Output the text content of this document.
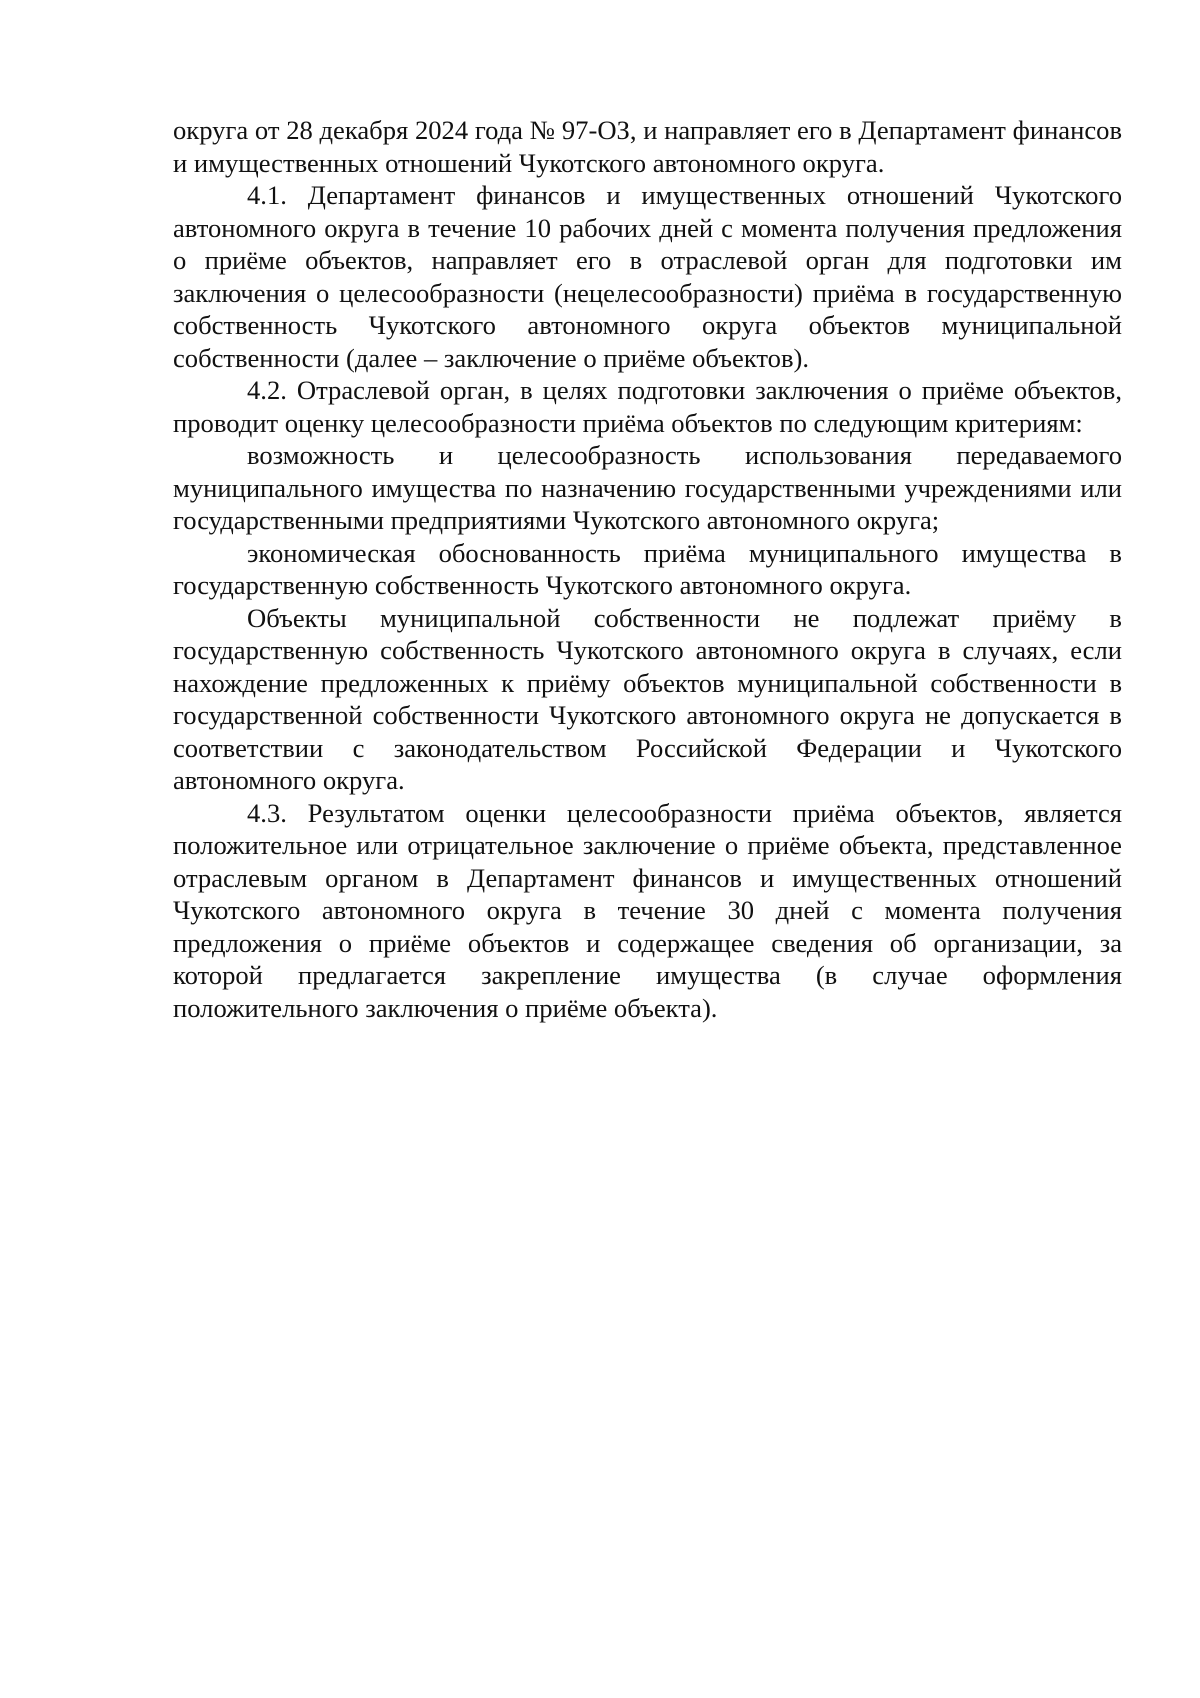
округа от 28 декабря 2024 года № 97-ОЗ, и направляет его в Департамент финансов и имущественных отношений Чукотского автономного округа.

4.1. Департамент финансов и имущественных отношений Чукотского автономного округа в течение 10 рабочих дней с момента получения предложения о приёме объектов, направляет его в отраслевой орган для подготовки им заключения о целесообразности (нецелесообразности) приёма в государственную собственность Чукотского автономного округа объектов муниципальной собственности (далее – заключение о приёме объектов).

4.2. Отраслевой орган, в целях подготовки заключения о приёме объектов, проводит оценку целесообразности приёма объектов по следующим критериям:

возможность и целесообразность использования передаваемого муниципального имущества по назначению государственными учреждениями или государственными предприятиями Чукотского автономного округа;

экономическая обоснованность приёма муниципального имущества в государственную собственность Чукотского автономного округа.

Объекты муниципальной собственности не подлежат приёму в государственную собственность Чукотского автономного округа в случаях, если нахождение предложенных к приёму объектов муниципальной собственности в государственной собственности Чукотского автономного округа не допускается в соответствии с законодательством Российской Федерации и Чукотского автономного округа.

4.3. Результатом оценки целесообразности приёма объектов, является положительное или отрицательное заключение о приёме объекта, представленное отраслевым органом в Департамент финансов и имущественных отношений Чукотского автономного округа в течение 30 дней с момента получения предложения о приёме объектов и содержащее сведения об организации, за которой предлагается закрепление имущества (в случае оформления положительного заключения о приёме объекта).
